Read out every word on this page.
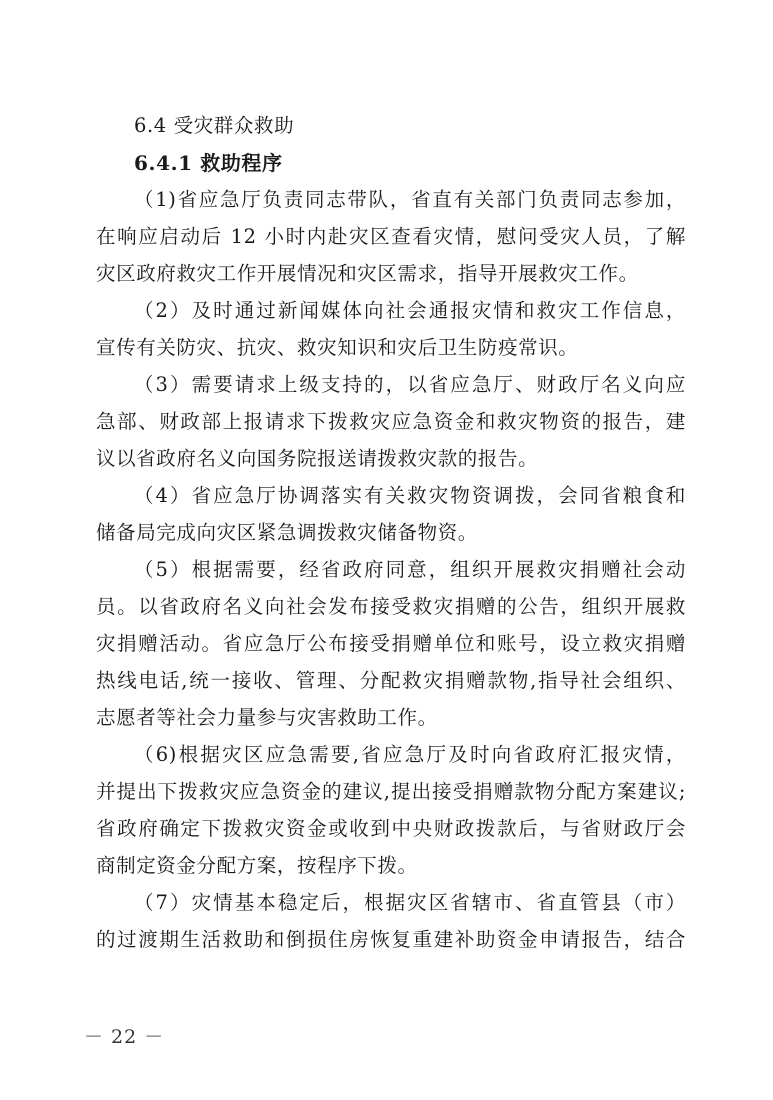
6.4 受灾群众救助
6.4.1 救助程序
（1)省应急厅负责同志带队，省直有关部门负责同志参加，
在响应启动后 12 小时内赴灾区查看灾情，慰问受灾人员，了解
灾区政府救灾工作开展情况和灾区需求，指导开展救灾工作。
（2）及时通过新闻媒体向社会通报灾情和救灾工作信息，
宣传有关防灾、抗灾、救灾知识和灾后卫生防疫常识。
（3）需要请求上级支持的，以省应急厅、财政厅名义向应
急部、财政部上报请求下拨救灾应急资金和救灾物资的报告，建
议以省政府名义向国务院报送请拨救灾款的报告。
（4）省应急厅协调落实有关救灾物资调拨，会同省粮食和
储备局完成向灾区紧急调拨救灾储备物资。
（5）根据需要，经省政府同意，组织开展救灾捐赠社会动
员。以省政府名义向社会发布接受救灾捐赠的公告，组织开展救
灾捐赠活动。省应急厅公布接受捐赠单位和账号，设立救灾捐赠
热线电话,统一接收、管理、分配救灾捐赠款物,指导社会组织、
志愿者等社会力量参与灾害救助工作。
（6)根据灾区应急需要,省应急厅及时向省政府汇报灾情，
并提出下拨救灾应急资金的建议,提出接受捐赠款物分配方案建议;
省政府确定下拨救灾资金或收到中央财政拨款后，与省财政厅会
商制定资金分配方案，按程序下拨。
（7）灾情基本稳定后，根据灾区省辖市、省直管县（市）
的过渡期生活救助和倒损住房恢复重建补助资金申请报告，结合
－ 22 －
